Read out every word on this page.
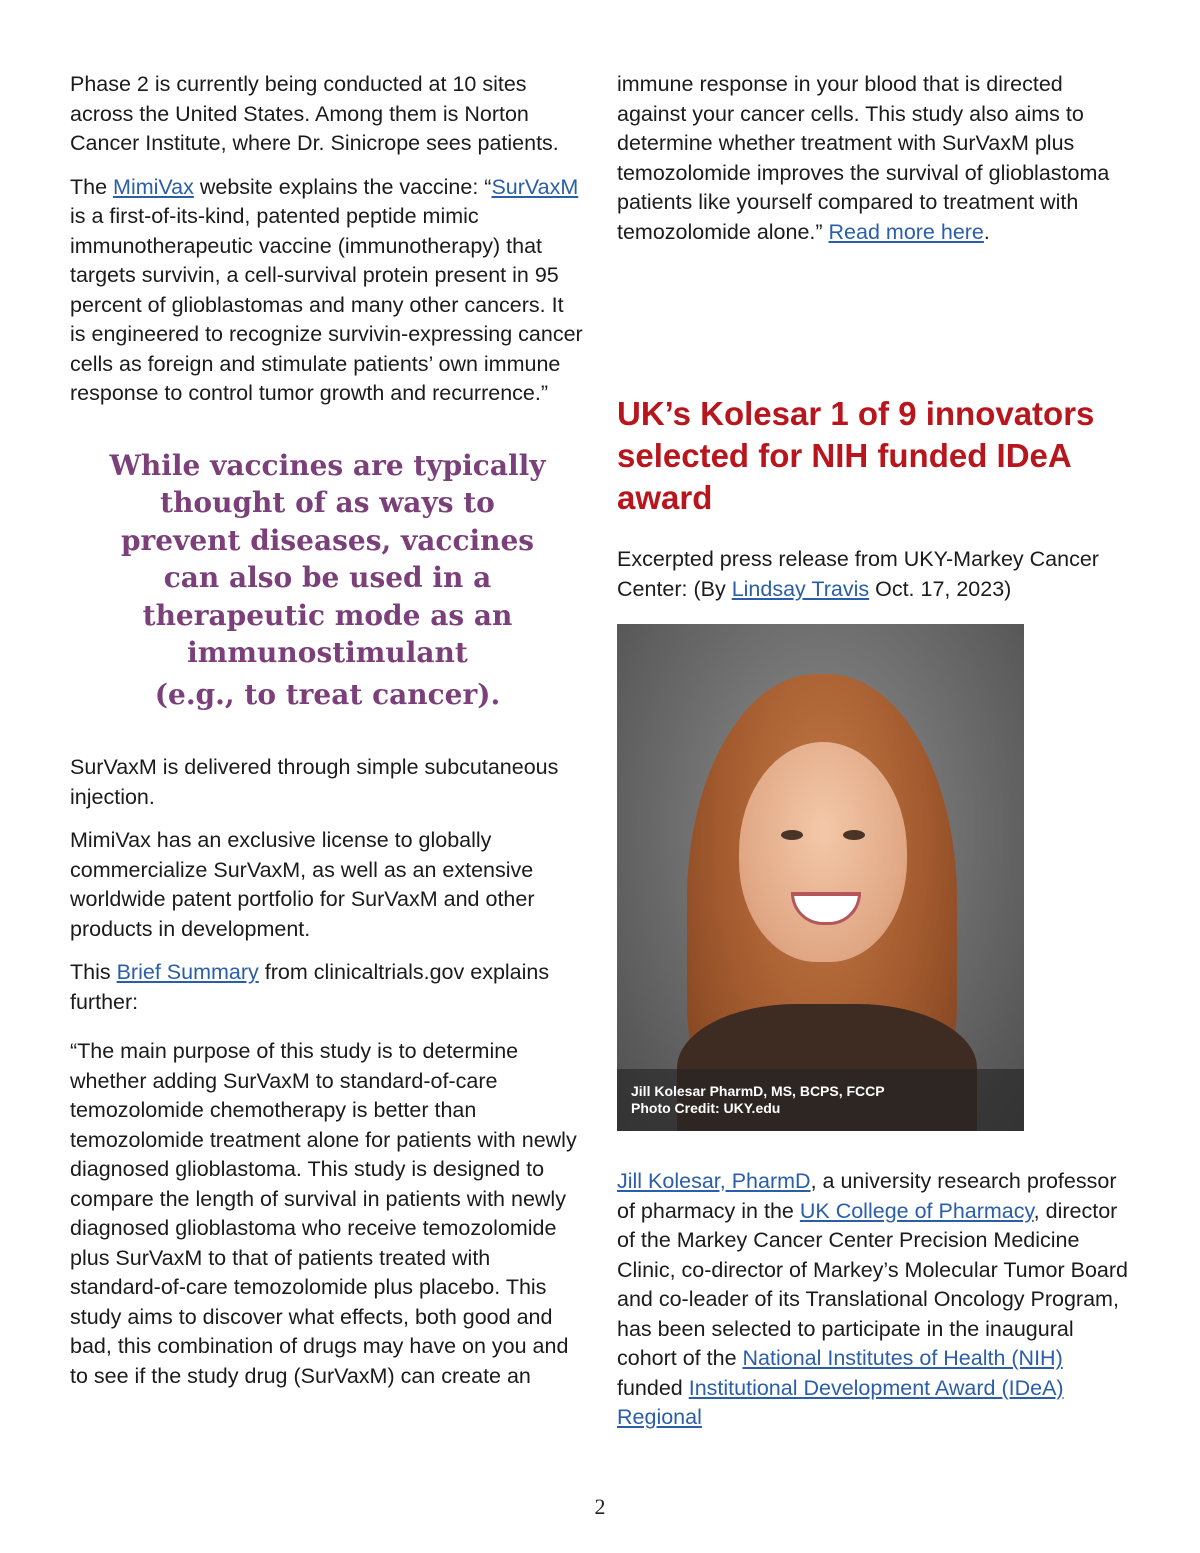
Phase 2 is currently being conducted at 10 sites across the United States. Among them is Norton Cancer Institute, where Dr. Sinicrope sees patients.

The MimiVax website explains the vaccine: “SurVaxM is a first-of-its-kind, patented peptide mimic immunotherapeutic vaccine (immunotherapy) that targets survivin, a cell-survival protein present in 95 percent of glioblastomas and many other cancers. It is engineered to recognize survivin-expressing cancer cells as foreign and stimulate patients’ own immune response to control tumor growth and recurrence.”

While vaccines are typically thought of as ways to prevent diseases, vaccines can also be used in a therapeutic mode as an immunostimulant
(e.g., to treat cancer).

SurVaxM is delivered through simple subcutaneous injection.

MimiVax has an exclusive license to globally commercialize SurVaxM, as well as an extensive worldwide patent portfolio for SurVaxM and other products in development.

This Brief Summary from clinicaltrials.gov explains further:

“The main purpose of this study is to determine whether adding SurVaxM to standard-of-care temozolomide chemotherapy is better than temozolomide treatment alone for patients with newly diagnosed glioblastoma. This study is designed to compare the length of survival in patients with newly diagnosed glioblastoma who receive temozolomide plus SurVaxM to that of patients treated with standard-of-care temozolomide plus placebo. This study aims to discover what effects, both good and bad, this combination of drugs may have on you and to see if the study drug (SurVaxM) can create an

immune response in your blood that is directed against your cancer cells. This study also aims to determine whether treatment with SurVaxM plus temozolomide improves the survival of glioblastoma patients like yourself compared to treatment with temozolomide alone.” Read more here.

UK’s Kolesar 1 of 9 innovators selected for NIH funded IDeA award

Excerpted press release from UKY-Markey Cancer Center: (By Lindsay Travis Oct. 17, 2023)

Jill Kolesar PharmD, MS, BCPS, FCCP
Photo Credit: UKY.edu

Jill Kolesar, PharmD, a university research professor of pharmacy in the UK College of Pharmacy, director of the Markey Cancer Center Precision Medicine Clinic, co-director of Markey’s Molecular Tumor Board and co-leader of its Translational Oncology Program, has been selected to participate in the inaugural cohort of the National Institutes of Health (NIH) funded Institutional Development Award (IDeA) Regional

2
